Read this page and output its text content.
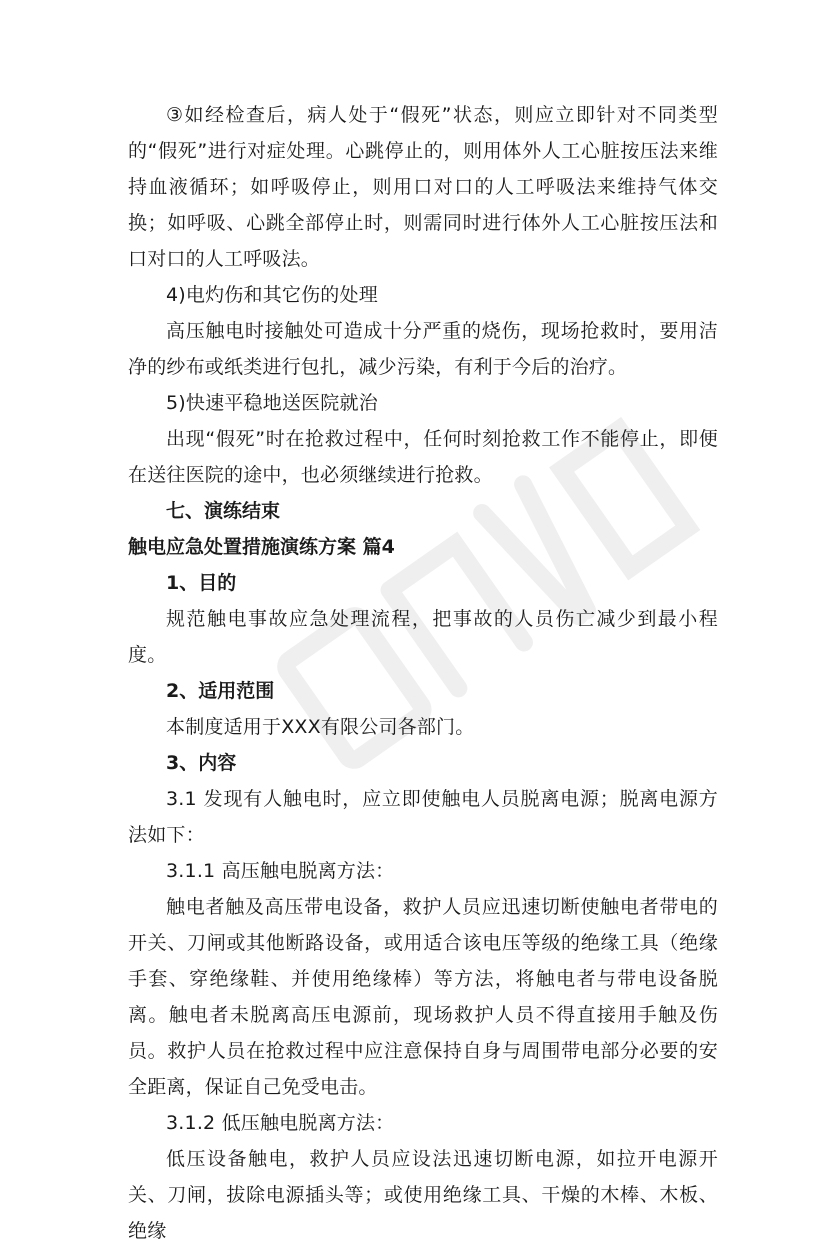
③如经检查后，病人处于“假死”状态，则应立即针对不同类型的“假死”进行对症处理。心跳停止的，则用体外人工心脏按压法来维持血液循环；如呼吸停止，则用口对口的人工呼吸法来维持气体交换；如呼吸、心跳全部停止时，则需同时进行体外人工心脏按压法和口对口的人工呼吸法。

4)电灼伤和其它伤的处理

高压触电时接触处可造成十分严重的烧伤，现场抢救时，要用洁净的纱布或纸类进行包扎，减少污染，有利于今后的治疗。

5)快速平稳地送医院就治

出现“假死”时在抢救过程中，任何时刻抢救工作不能停止，即便在送往医院的途中，也必须继续进行抢救。

七、演练结束

触电应急处置措施演练方案 篇4

1、目的

规范触电事故应急处理流程，把事故的人员伤亡减少到最小程度。

2、适用范围

本制度适用于XXX有限公司各部门。

3、内容

3.1 发现有人触电时，应立即使触电人员脱离电源；脱离电源方法如下：

3.1.1 高压触电脱离方法：

触电者触及高压带电设备，救护人员应迅速切断使触电者带电的开关、刀闸或其他断路设备，或用适合该电压等级的绝缘工具（绝缘手套、穿绝缘鞋、并使用绝缘棒）等方法，将触电者与带电设备脱离。触电者未脱离高压电源前，现场救护人员不得直接用手触及伤员。救护人员在抢救过程中应注意保持自身与周围带电部分必要的安全距离，保证自己免受电击。

3.1.2 低压触电脱离方法：

低压设备触电，救护人员应设法迅速切断电源，如拉开电源开关、刀闸，拔除电源插头等；或使用绝缘工具、干燥的木棒、木板、绝缘
